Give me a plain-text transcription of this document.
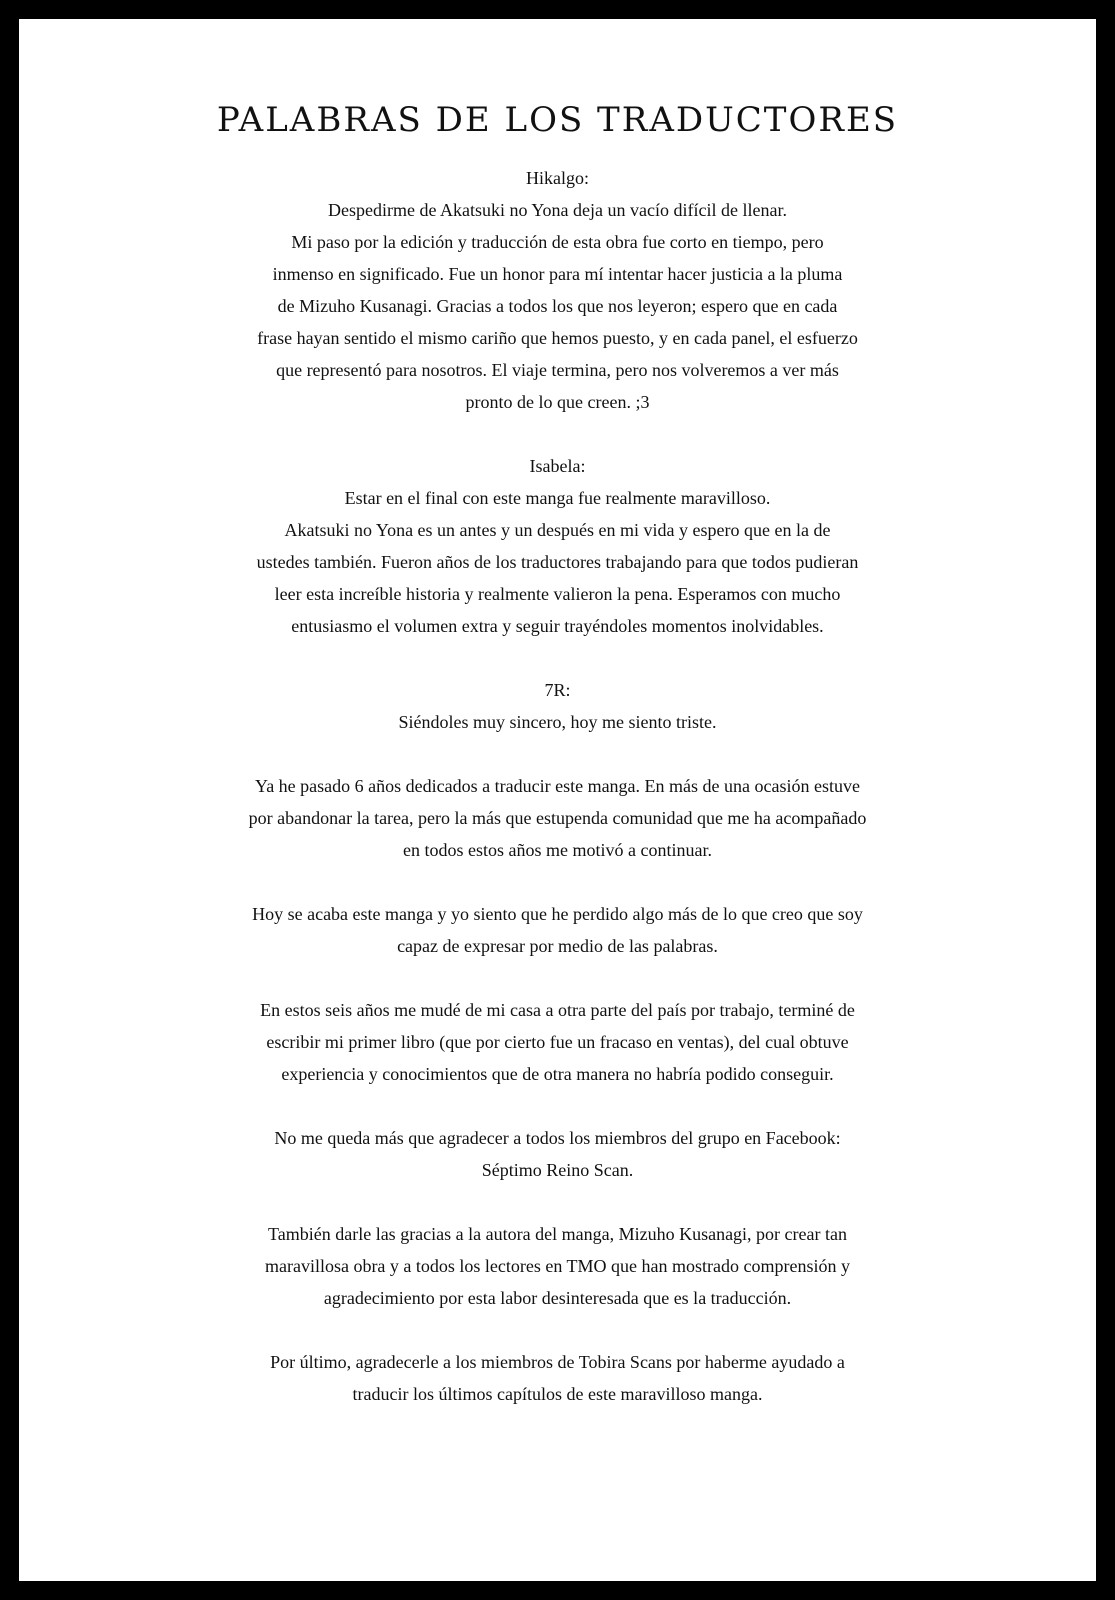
PALABRAS DE LOS TRADUCTORES
Hikalgo:
Despedirme de Akatsuki no Yona deja un vacío difícil de llenar.
Mi paso por la edición y traducción de esta obra fue corto en tiempo, pero
inmenso en significado. Fue un honor para mí intentar hacer justicia a la pluma
de Mizuho Kusanagi. Gracias a todos los que nos leyeron; espero que en cada
frase hayan sentido el mismo cariño que hemos puesto, y en cada panel, el esfuerzo
que representó para nosotros. El viaje termina, pero nos volveremos a ver más
pronto de lo que creen. ;3
Isabela:
Estar en el final con este manga fue realmente maravilloso.
Akatsuki no Yona es un antes y un después en mi vida y espero que en la de
ustedes también. Fueron años de los traductores trabajando para que todos pudieran
leer esta increíble historia y realmente valieron la pena. Esperamos con mucho
entusiasmo el volumen extra y seguir trayéndoles momentos inolvidables.
7R:
Siéndoles muy sincero, hoy me siento triste.
Ya he pasado 6 años dedicados a traducir este manga. En más de una ocasión estuve
por abandonar la tarea, pero la más que estupenda comunidad que me ha acompañado
en todos estos años me motivó a continuar.
Hoy se acaba este manga y yo siento que he perdido algo más de lo que creo que soy
capaz de expresar por medio de las palabras.
En estos seis años me mudé de mi casa a otra parte del país por trabajo, terminé de
escribir mi primer libro (que por cierto fue un fracaso en ventas), del cual obtuve
experiencia y conocimientos que de otra manera no habría podido conseguir.
No me queda más que agradecer a todos los miembros del grupo en Facebook:
Séptimo Reino Scan.
También darle las gracias a la autora del manga, Mizuho Kusanagi, por crear tan
maravillosa obra y a todos los lectores en TMO que han mostrado comprensión y
agradecimiento por esta labor desinteresada que es la traducción.
Por último, agradecerle a los miembros de Tobira Scans por haberme ayudado a
traducir los últimos capítulos de este maravilloso manga.
